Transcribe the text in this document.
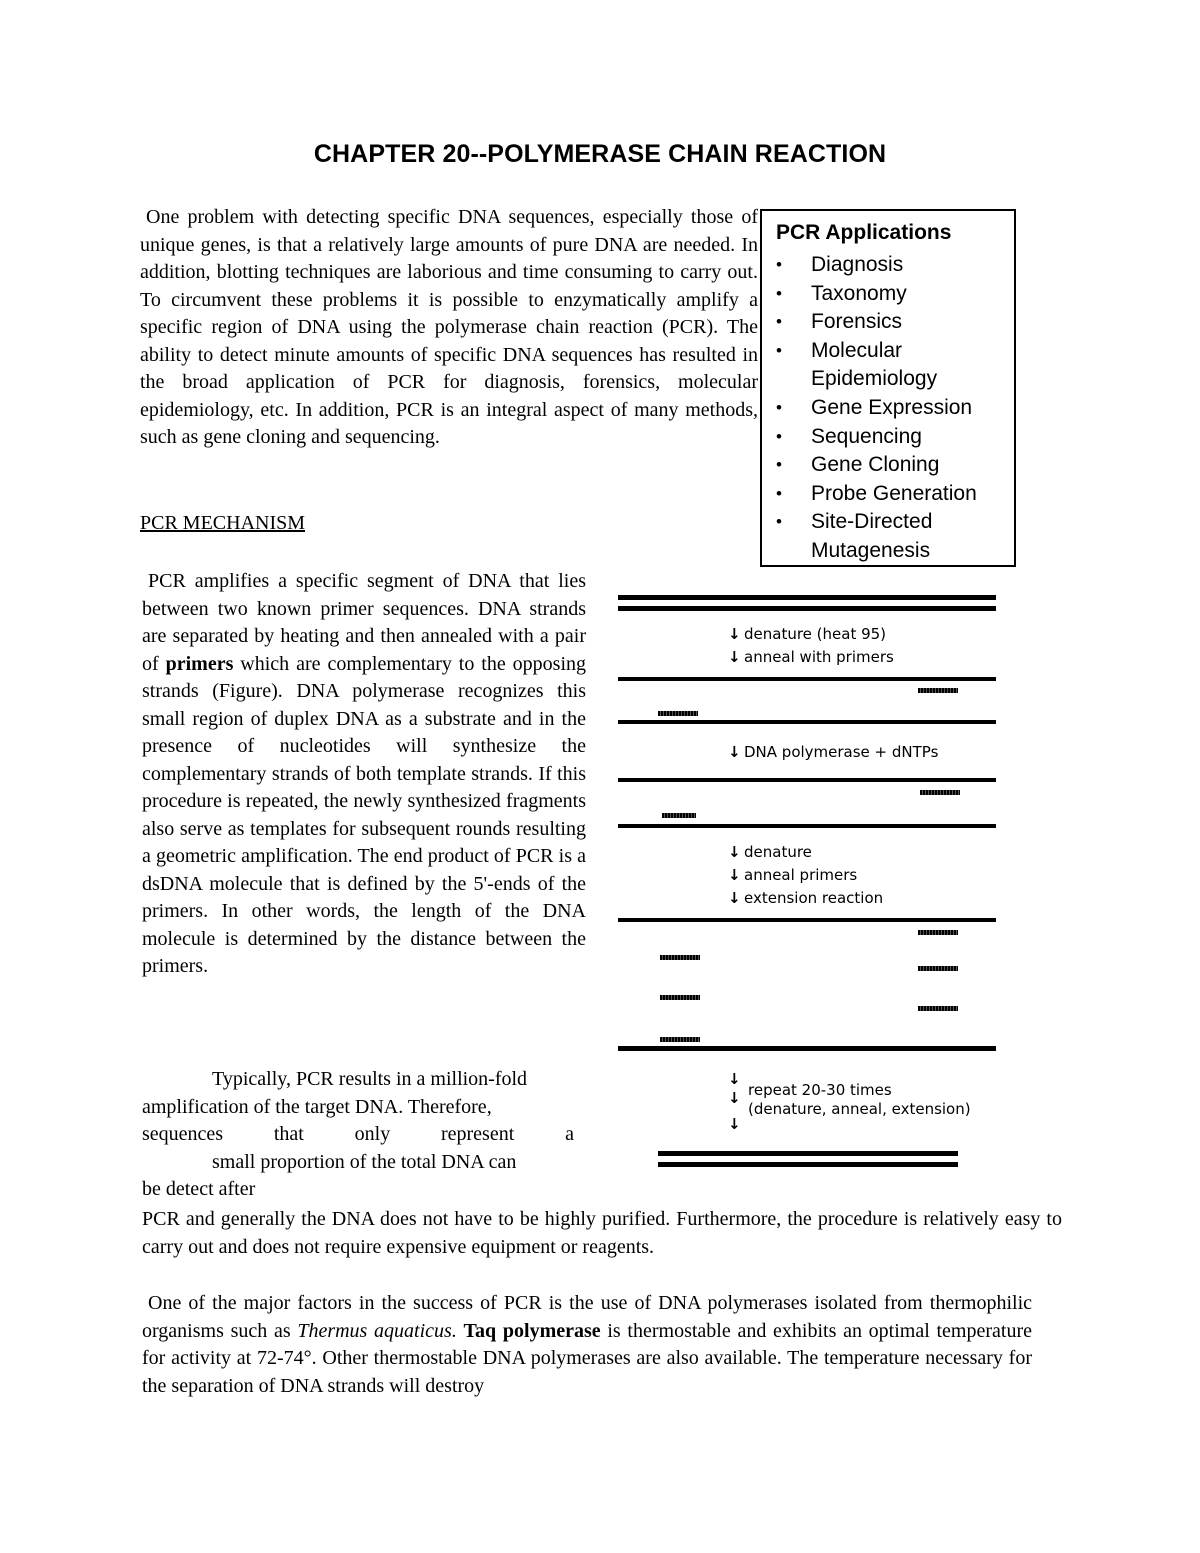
CHAPTER 20--POLYMERASE CHAIN REACTION

One problem with detecting specific DNA sequences, especially those of unique genes, is that a relatively large amounts of pure DNA are needed. In addition, blotting techniques are laborious and time consuming to carry out. To circumvent these problems it is possible to enzymatically amplify a specific region of DNA using the polymerase chain reaction (PCR). The ability to detect minute amounts of specific DNA sequences has resulted in the broad application of PCR for diagnosis, forensics, molecular epidemiology, etc. In addition, PCR is an integral aspect of many methods, such as gene cloning and sequencing.

PCR Applications
• Diagnosis
• Taxonomy
• Forensics
• Molecular Epidemiology
• Gene Expression
• Sequencing
• Gene Cloning
• Probe Generation
• Site-Directed Mutagenesis
PCR MECHANISM

PCR amplifies a specific segment of DNA that lies between two known primer sequences. DNA strands are separated by heating and then annealed with a pair of primers which are complementary to the opposing strands (Figure). DNA polymerase recognizes this small region of duplex DNA as a substrate and in the presence of nucleotides will synthesize the complementary strands of both template strands. If this procedure is repeated, the newly synthesized fragments also serve as templates for subsequent rounds resulting a geometric amplification. The end product of PCR is a dsDNA molecule that is defined by the 5'-ends of the primers. In other words, the length of the DNA molecule is determined by the distance between the primers.

Typically, PCR results in a million-fold
amplification of the target DNA. Therefore,
sequences	that	only	represent	a
small proportion of the total DNA can
be detect after

PCR and generally the DNA does not have to be highly purified. Furthermore, the procedure is relatively easy to carry out and does not require expensive equipment or reagents.

One of the major factors in the success of PCR is the use of DNA polymerases isolated from thermophilic organisms such as Thermus aquaticus. Taq polymerase is thermostable and exhibits an optimal temperature for activity at 72-74°. Other thermostable DNA polymerases are also available. The temperature necessary for the separation of DNA strands will destroy

↓ denature (heat 95)
↓ anneal with primers
↓ DNA polymerase + dNTPs
↓ denature
↓ anneal primers
↓ extension reaction
↓
↓
↓
repeat 20-30 times
(denature, anneal, extension)
